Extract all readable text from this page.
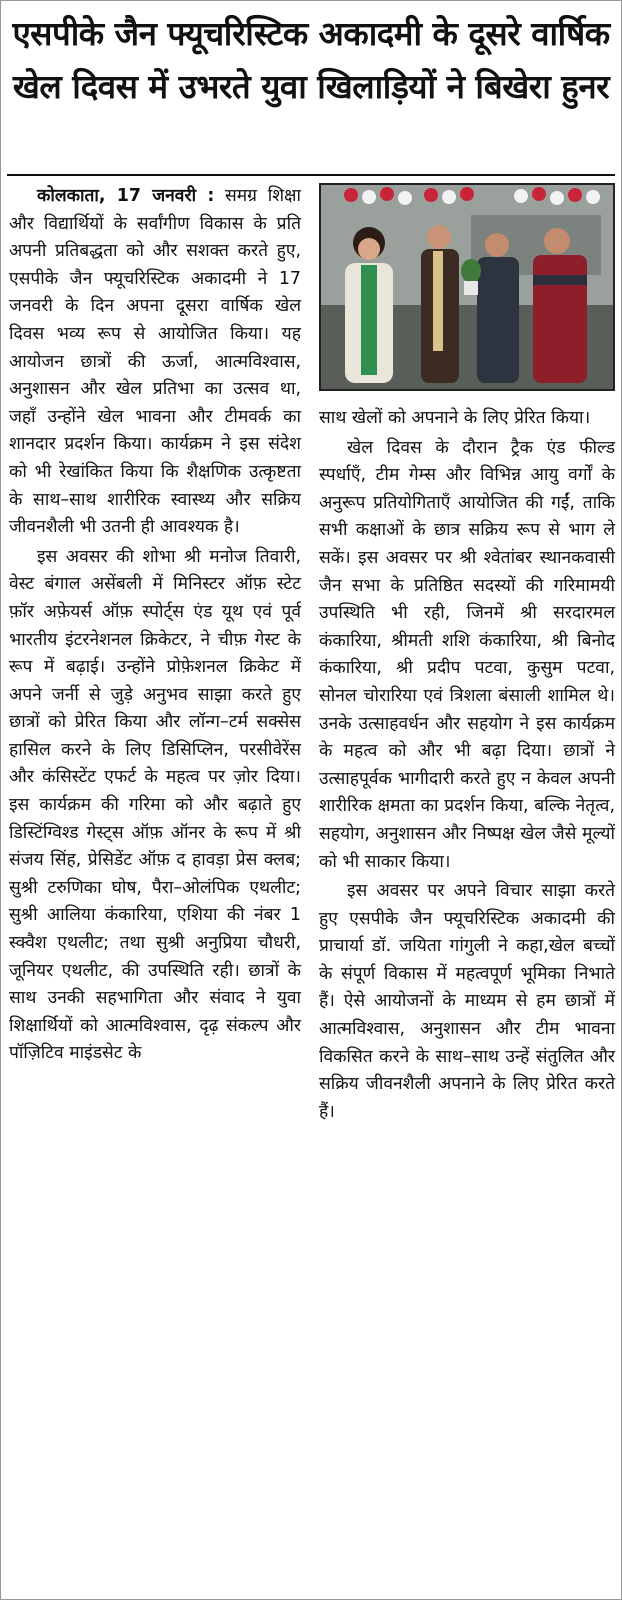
एसपीके जैन फ्यूचरिस्टिक अकादमी के दूसरे वार्षिक खेल दिवस में उभरते युवा खिलाड़ियों ने बिखेरा हुनर

कोलकाता, 17 जनवरी : समग्र शिक्षा और विद्यार्थियों के सर्वांगीण विकास के प्रति अपनी प्रतिबद्धता को और सशक्त करते हुए, एसपीके जैन फ्यूचरिस्टिक अकादमी ने 17 जनवरी के दिन अपना दूसरा वार्षिक खेल दिवस भव्य रूप से आयोजित किया। यह आयोजन छात्रों की ऊर्जा, आत्मविश्वास, अनुशासन और खेल प्रतिभा का उत्सव था, जहाँ उन्होंने खेल भावना और टीमवर्क का शानदार प्रदर्शन किया। कार्यक्रम ने इस संदेश को भी रेखांकित किया कि शैक्षणिक उत्कृष्टता के साथ–साथ शारीरिक स्वास्थ्य और सक्रिय जीवनशैली भी उतनी ही आवश्यक है।

इस अवसर की शोभा श्री मनोज तिवारी, वेस्ट बंगाल असेंबली में मिनिस्टर ऑफ़ स्टेट फ़ॉर अफ़ेयर्स ऑफ़ स्पोर्ट्स एंड यूथ एवं पूर्व भारतीय इंटरनेशनल क्रिकेटर, ने चीफ़ गेस्ट के रूप में बढ़ाई। उन्होंने प्रोफ़ेशनल क्रिकेट में अपने जर्नी से जुड़े अनुभव साझा करते हुए छात्रों को प्रेरित किया और लॉन्ग–टर्म सक्सेस हासिल करने के लिए डिसिप्लिन, परसीवेरेंस और कंसिस्टेंट एफर्ट के महत्व पर ज़ोर दिया। इस कार्यक्रम की गरिमा को और बढ़ाते हुए डिस्टिंग्विश्ड गेस्ट्स ऑफ़ ऑनर के रूप में श्री संजय सिंह, प्रेसिडेंट ऑफ़ द हावड़ा प्रेस क्लब; सुश्री टरुणिका घोष, पैरा–ओलंपिक एथलीट; सुश्री आलिया कंकारिया, एशिया की नंबर 1 स्क्वैश एथलीट; तथा सुश्री अनुप्रिया चौधरी, जूनियर एथलीट, की उपस्थिति रही। छात्रों के साथ उनकी सहभागिता और संवाद ने युवा शिक्षार्थियों को आत्मविश्वास, दृढ़ संकल्प और पॉज़िटिव माइंडसेट के

साथ खेलों को अपनाने के लिए प्रेरित किया।

खेल दिवस के दौरान ट्रैक एंड फील्ड स्पर्धाएँ, टीम गेम्स और विभिन्न आयु वर्गों के अनुरूप प्रतियोगिताएँ आयोजित की गईं, ताकि सभी कक्षाओं के छात्र सक्रिय रूप से भाग ले सकें। इस अवसर पर श्री श्वेतांबर स्थानकवासी जैन सभा के प्रतिष्ठित सदस्यों की गरिमामयी उपस्थिति भी रही, जिनमें श्री सरदारमल कंकारिया, श्रीमती शशि कंकारिया, श्री बिनोद कंकारिया, श्री प्रदीप पटवा, कुसुम पटवा, सोनल चोरारिया एवं त्रिशला बंसाली शामिल थे। उनके उत्साहवर्धन और सहयोग ने इस कार्यक्रम के महत्व को और भी बढ़ा दिया। छात्रों ने उत्साहपूर्वक भागीदारी करते हुए न केवल अपनी शारीरिक क्षमता का प्रदर्शन किया, बल्कि नेतृत्व, सहयोग, अनुशासन और निष्पक्ष खेल जैसे मूल्यों को भी साकार किया।

इस अवसर पर अपने विचार साझा करते हुए एसपीके जैन फ्यूचरिस्टिक अकादमी की प्राचार्या डॉ. जयिता गांगुली ने कहा,खेल बच्चों के संपूर्ण विकास में महत्वपूर्ण भूमिका निभाते हैं। ऐसे आयोजनों के माध्यम से हम छात्रों में आत्मविश्वास, अनुशासन और टीम भावना विकसित करने के साथ–साथ उन्हें संतुलित और सक्रिय जीवनशैली अपनाने के लिए प्रेरित करते हैं।
